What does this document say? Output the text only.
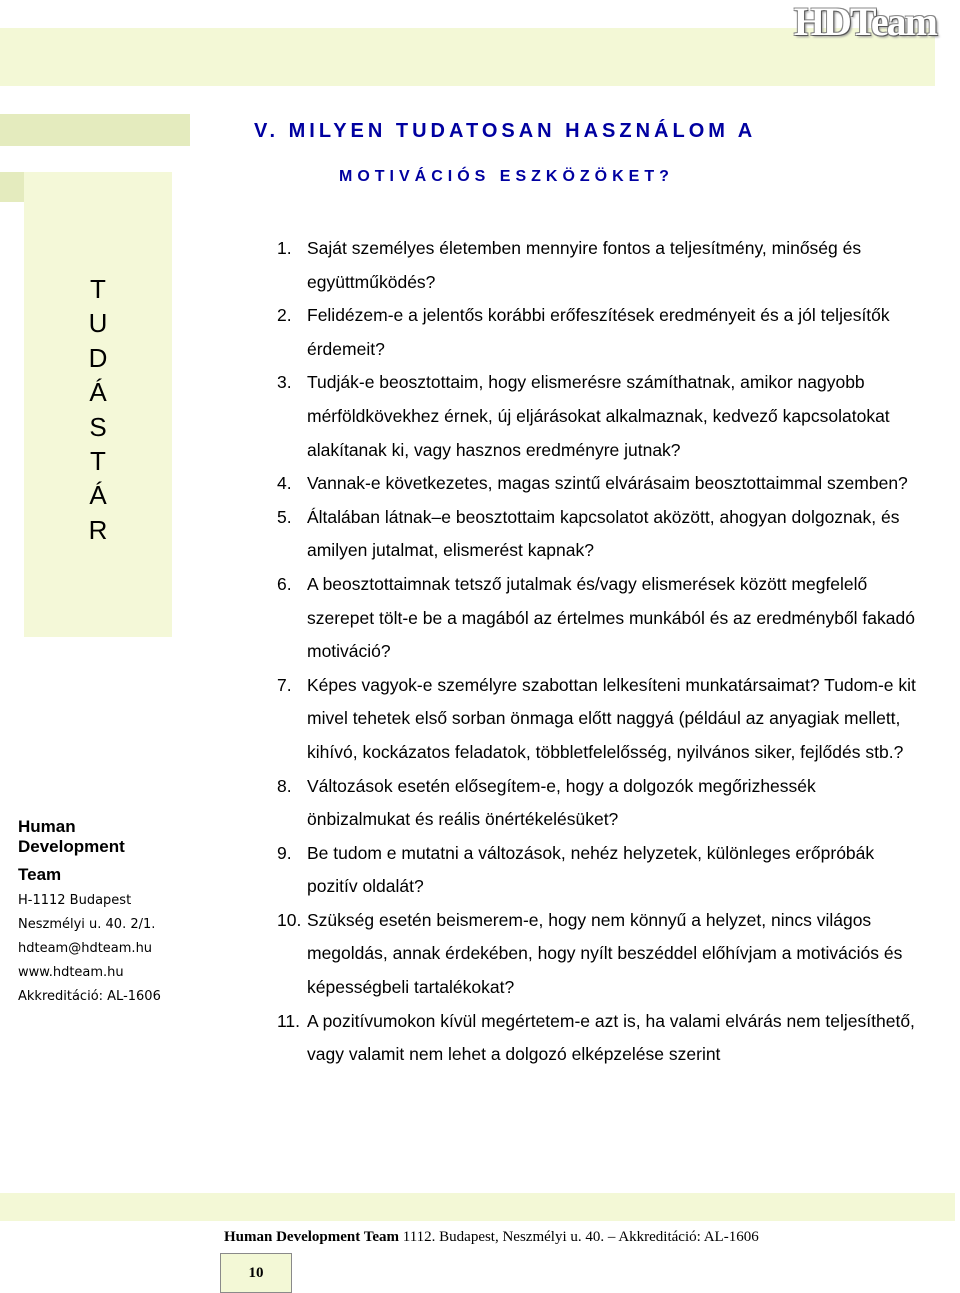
HDTeam
V. MILYEN TUDATOSAN HASZNÁLOM A
MOTIVÁCIÓS ESZKÖZÖKET?
T
U
D
Á
S
T
Á
R
Human
Development
Team
H-1112 Budapest
Neszmélyi u. 40. 2/1.
hdteam@hdteam.hu
www.hdteam.hu
Akkreditáció: AL-1606
1. Saját személyes életemben mennyire fontos a teljesítmény, minőség és együttműködés?
2. Felidézem-e a jelentős korábbi erőfeszítések eredményeit és a jól teljesítők érdemeit?
3. Tudják-e beosztottaim, hogy elismerésre számíthatnak, amikor nagyobb mérföldkövekhez érnek, új eljárásokat alkalmaznak, kedvező kapcsolatokat alakítanak ki, vagy hasznos eredményre jutnak?
4. Vannak-e következetes, magas szintű elvárásaim beosztottaimmal szemben?
5. Általában látnak–e beosztottaim kapcsolatot aközött, ahogyan dolgoznak, és amilyen jutalmat, elismerést kapnak?
6. A beosztottaimnak tetsző jutalmak és/vagy elismerések között megfelelő szerepet tölt-e be a magából az értelmes munkából és az eredményből fakadó motiváció?
7. Képes vagyok-e személyre szabottan lelkesíteni munkatársaimat? Tudom-e kit mivel tehetek első sorban önmaga előtt naggyá (például az anyagiak mellett, kihívó, kockázatos feladatok, többletfelelősség, nyilvános siker, fejlődés stb.?
8. Változások esetén elősegítem-e, hogy a dolgozók megőrizhessék önbizalmukat és reális önértékelésüket?
9. Be tudom e mutatni a változások, nehéz helyzetek, különleges erőpróbák pozitív oldalát?
10. Szükség esetén beismerem-e, hogy nem könnyű a helyzet, nincs világos megoldás, annak érdekében, hogy nyílt beszéddel előhívjam a motivációs és képességbeli tartalékokat?
11. A pozitívumokon kívül megértetem-e azt is, ha valami elvárás nem teljesíthető, vagy valamit nem lehet a dolgozó elképzelése szerint
Human Development Team 1112. Budapest, Neszmélyi u. 40. – Akkreditáció: AL-1606
10
